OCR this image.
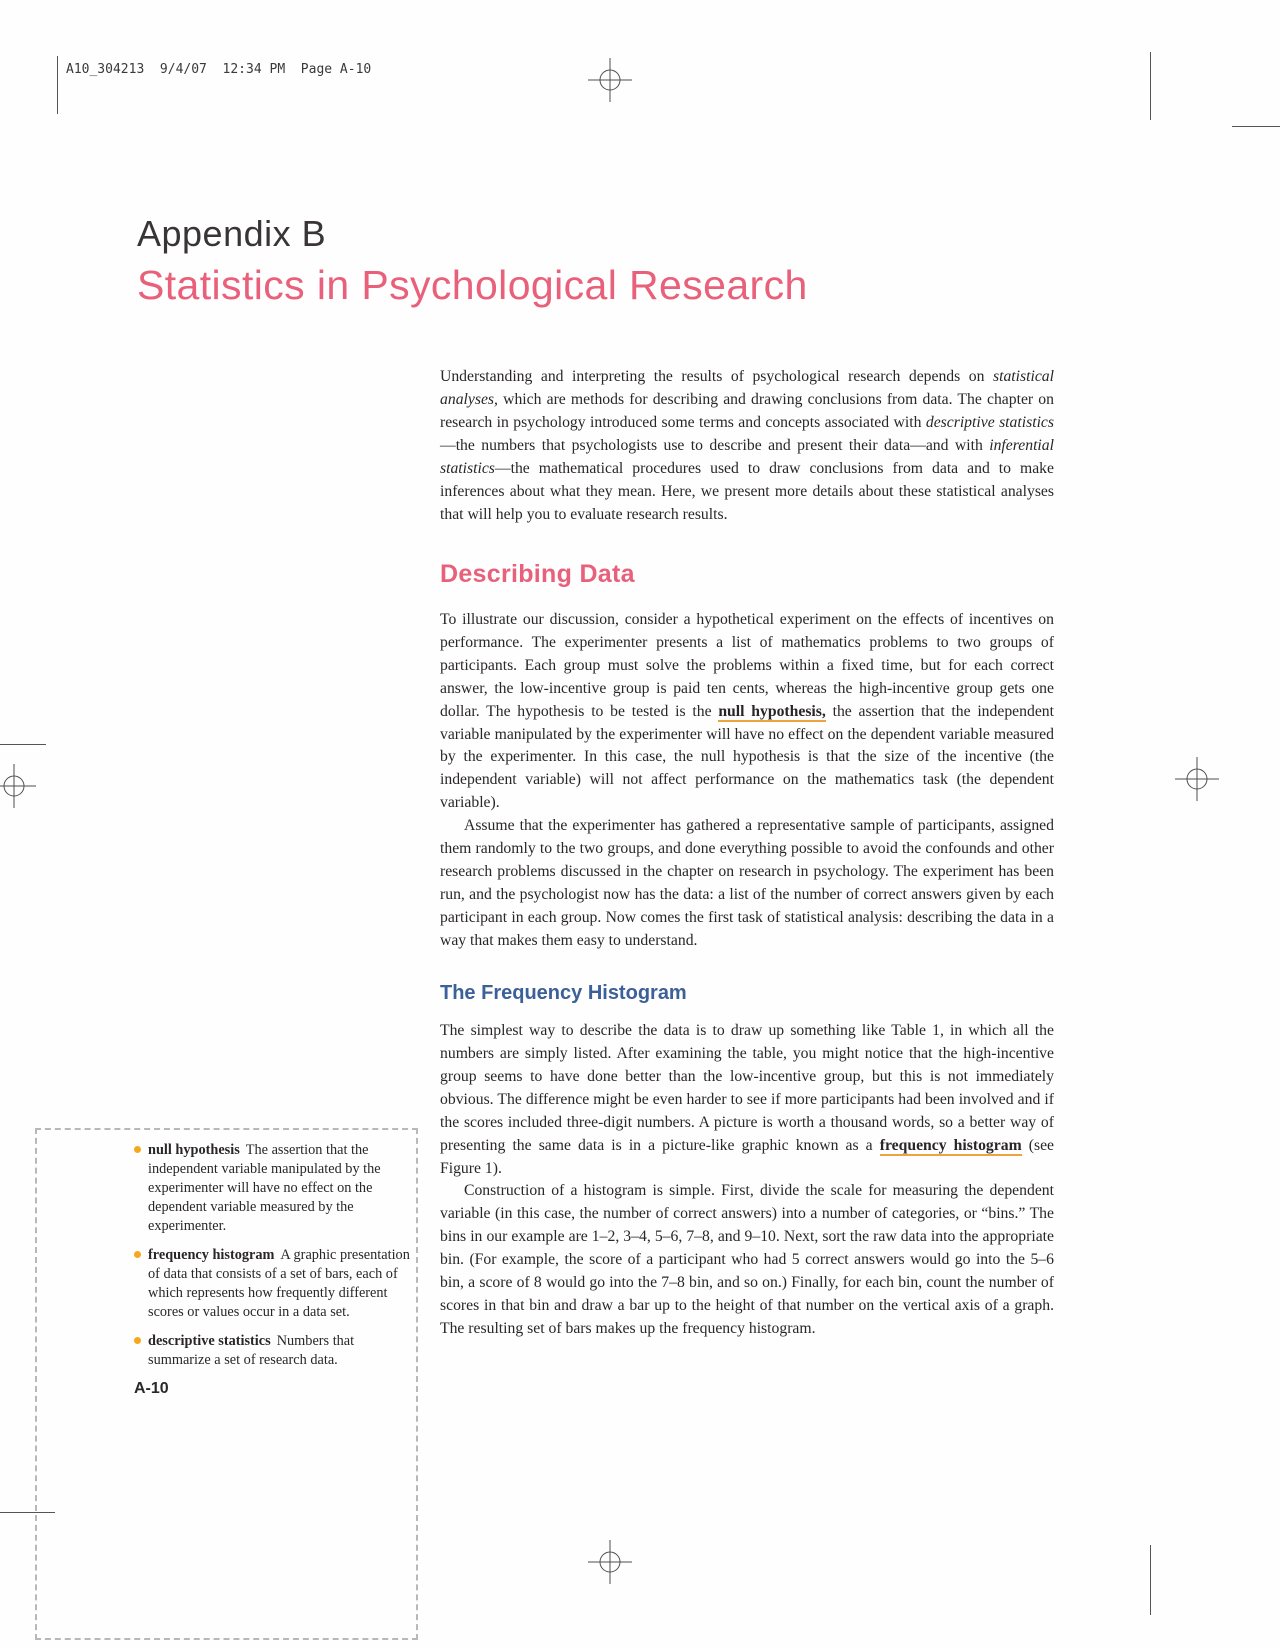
A10_304213  9/4/07  12:34 PM  Page A-10
Appendix B
Statistics in Psychological Research

Understanding and interpreting the results of psychological research depends on statistical analyses, which are methods for describing and drawing conclusions from data. The chapter on research in psychology introduced some terms and concepts associated with descriptive statistics—the numbers that psychologists use to describe and present their data—and with inferential statistics—the mathematical procedures used to draw conclusions from data and to make inferences about what they mean. Here, we present more details about these statistical analyses that will help you to evaluate research results.

Describing Data

To illustrate our discussion, consider a hypothetical experiment on the effects of incentives on performance. The experimenter presents a list of mathematics problems to two groups of participants. Each group must solve the problems within a fixed time, but for each correct answer, the low-incentive group is paid ten cents, whereas the high-incentive group gets one dollar. The hypothesis to be tested is the null hypothesis, the assertion that the independent variable manipulated by the experimenter will have no effect on the dependent variable measured by the experimenter. In this case, the null hypothesis is that the size of the incentive (the independent variable) will not affect performance on the mathematics task (the dependent variable).

Assume that the experimenter has gathered a representative sample of participants, assigned them randomly to the two groups, and done everything possible to avoid the confounds and other research problems discussed in the chapter on research in psychology. The experiment has been run, and the psychologist now has the data: a list of the number of correct answers given by each participant in each group. Now comes the first task of statistical analysis: describing the data in a way that makes them easy to understand.

The Frequency Histogram

The simplest way to describe the data is to draw up something like Table 1, in which all the numbers are simply listed. After examining the table, you might notice that the high-incentive group seems to have done better than the low-incentive group, but this is not immediately obvious. The difference might be even harder to see if more participants had been involved and if the scores included three-digit numbers. A picture is worth a thousand words, so a better way of presenting the same data is in a picture-like graphic known as a frequency histogram (see Figure 1).

Construction of a histogram is simple. First, divide the scale for measuring the dependent variable (in this case, the number of correct answers) into a number of categories, or “bins.” The bins in our example are 1–2, 3–4, 5–6, 7–8, and 9–10. Next, sort the raw data into the appropriate bin. (For example, the score of a participant who had 5 correct answers would go into the 5–6 bin, a score of 8 would go into the 7–8 bin, and so on.) Finally, for each bin, count the number of scores in that bin and draw a bar up to the height of that number on the vertical axis of a graph. The resulting set of bars makes up the frequency histogram.

null hypothesis The assertion that the independent variable manipulated by the experimenter will have no effect on the dependent variable measured by the experimenter.
frequency histogram A graphic presentation of data that consists of a set of bars, each of which represents how frequently different scores or values occur in a data set.
descriptive statistics Numbers that summarize a set of research data.
A-10
